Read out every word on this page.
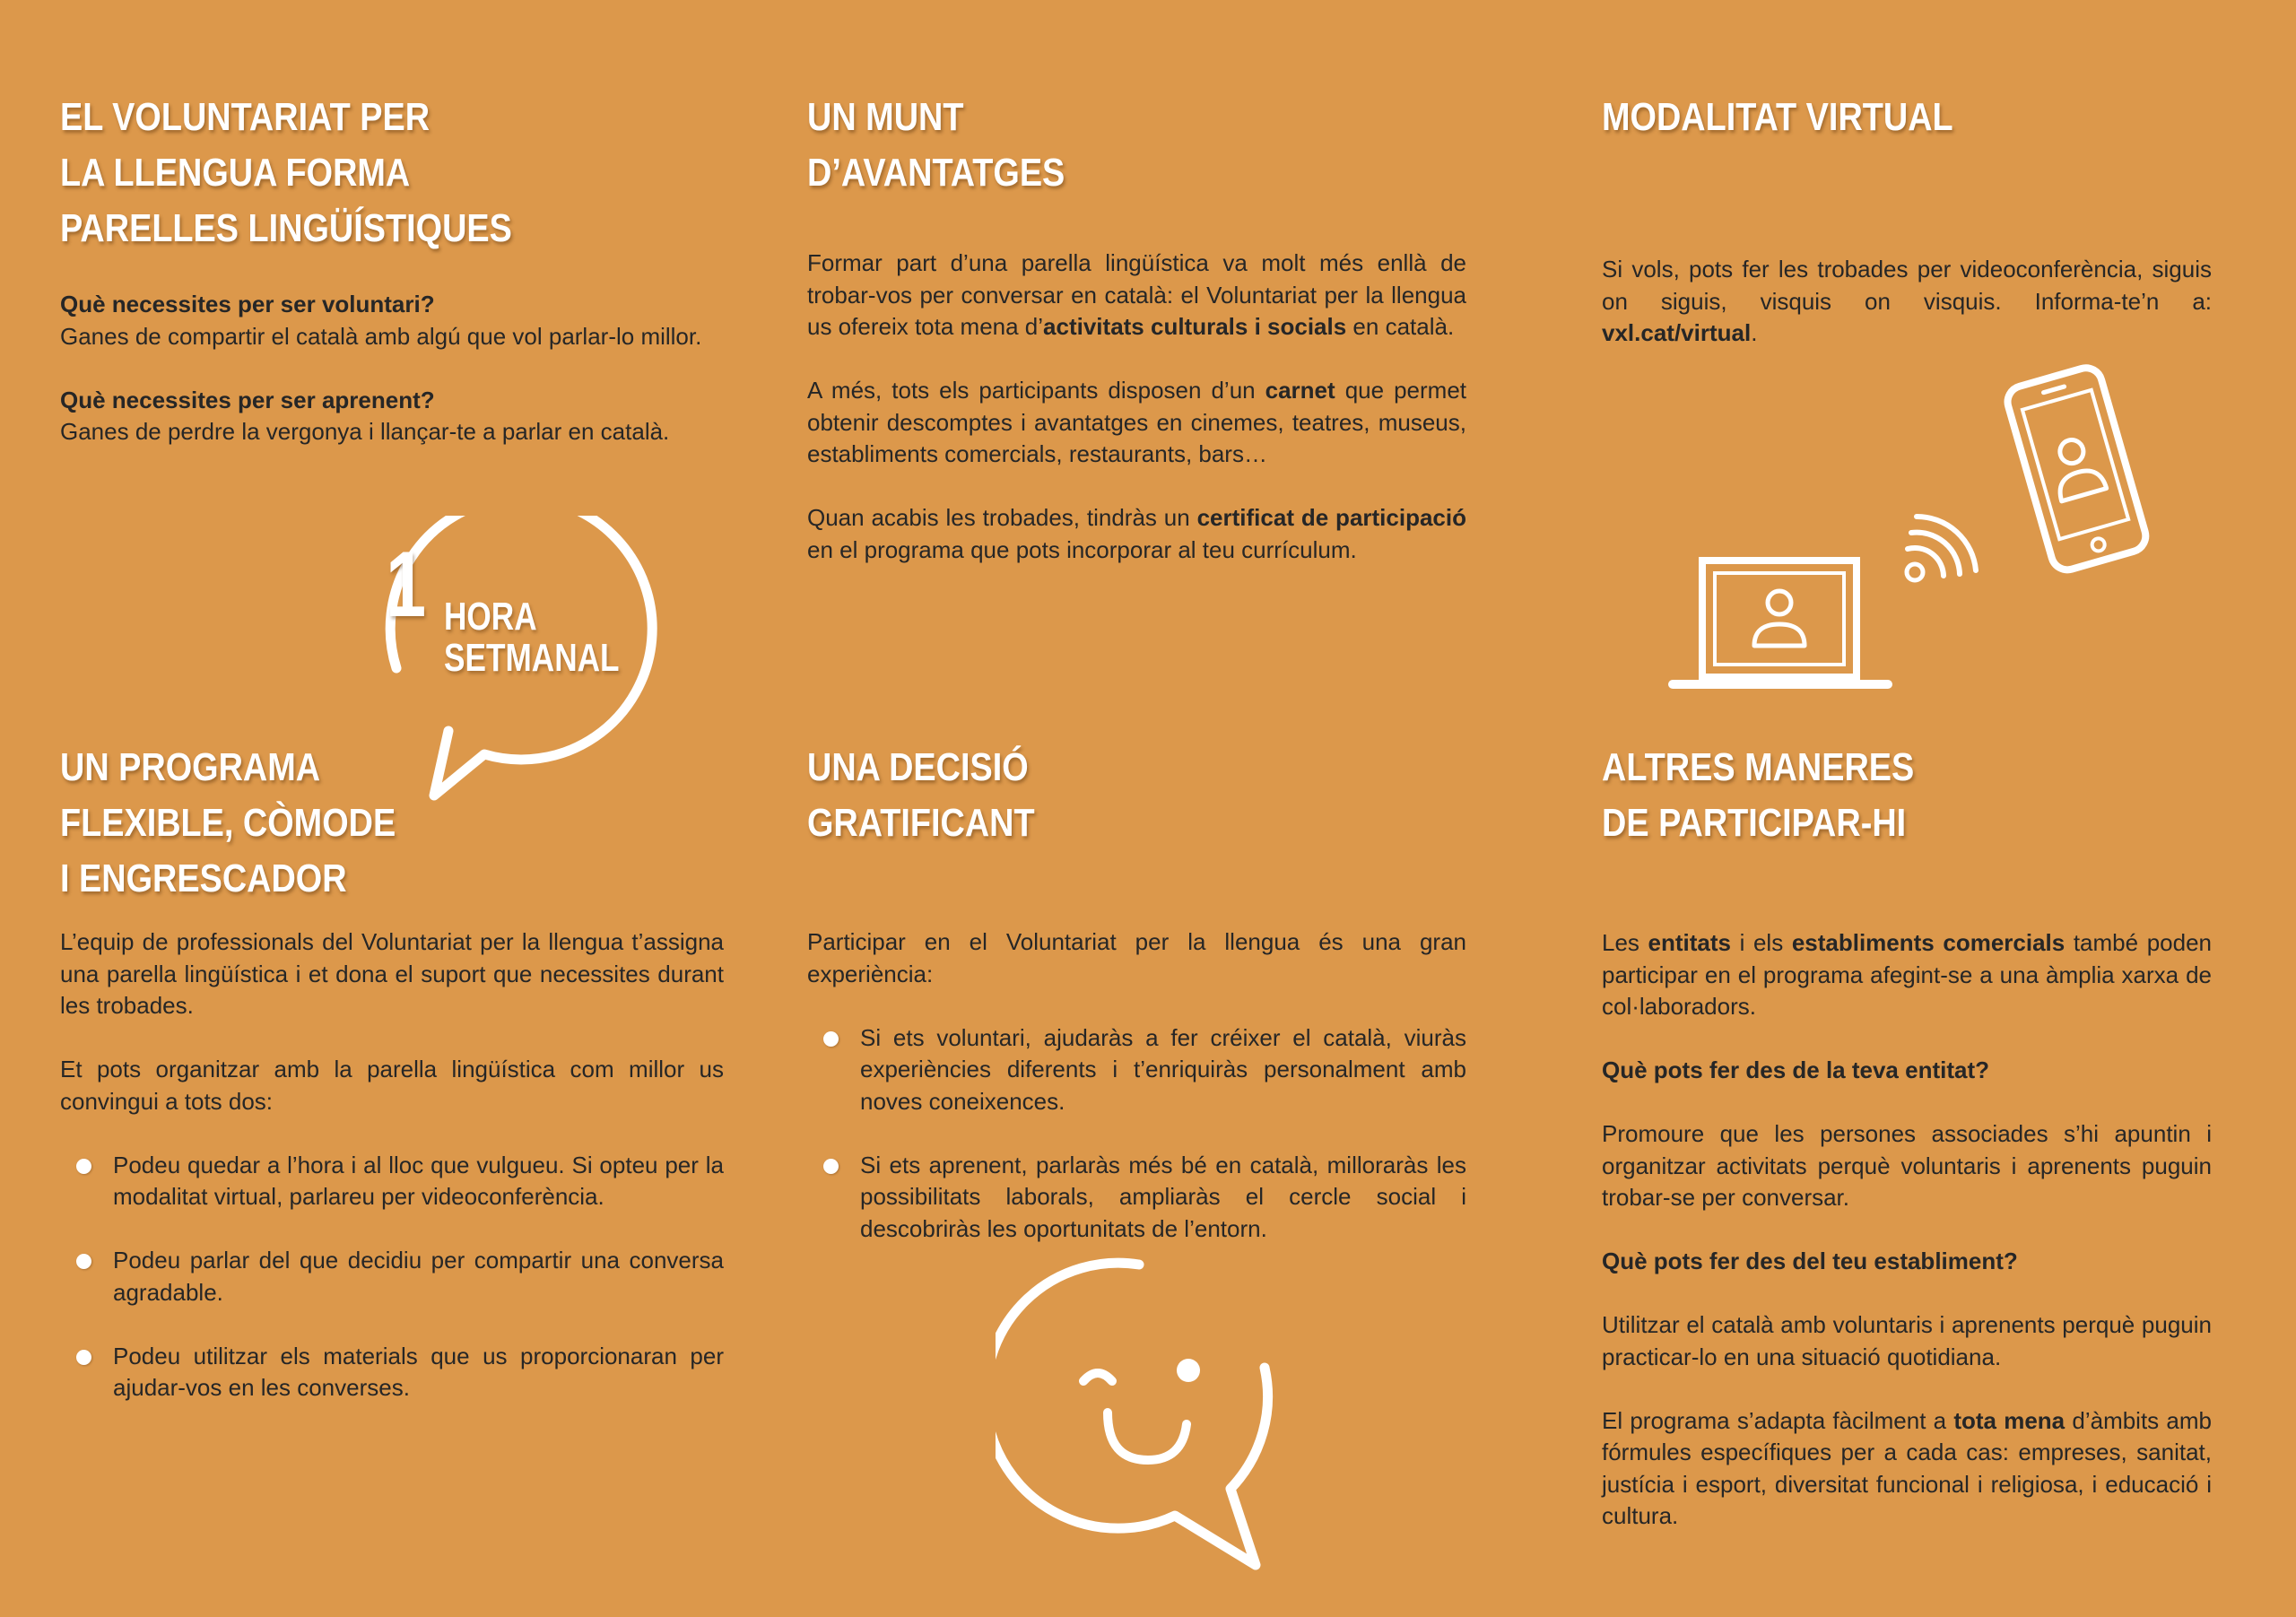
EL VOLUNTARIAT PER
LA LLENGUA FORMA
PARELLES LINGÜÍSTIQUES

Què necessites per ser voluntari?

Ganes de compartir el català amb algú que vol parlar-lo millor.

Què necessites per ser aprenent?

Ganes de perdre la vergonya i llançar-te a parlar en català.

1 HORA
SETMANAL
UN PROGRAMA
FLEXIBLE, CÒMODE
I ENGRESCADOR

L’equip de professionals del Voluntariat per la llengua t’assigna una parella lingüística i et dona el suport que necessites durant les trobades.

Et pots organitzar amb la parella lingüística com millor us convingui a tots dos:

Podeu quedar a l’hora i al lloc que vulgueu. Si opteu per la modalitat virtual, parlareu per videoconferència.
Podeu parlar del que decidiu per compartir una conversa agradable.
Podeu utilitzar els materials que us proporcionaran per ajudar-vos en les converses.
UN MUNT
D’AVANTATGES

Formar part d’una parella lingüística va molt més enllà de trobar-vos per conversar en català: el Voluntariat per la llengua us ofereix tota mena d’activitats culturals i socials en català.

A més, tots els participants disposen d’un carnet que permet obtenir descomptes i avantatges en cinemes, teatres, museus, establiments comercials, restaurants, bars…

Quan acabis les trobades, tindràs un certificat de participació en el programa que pots incorporar al teu currículum.

UNA DECISIÓ
GRATIFICANT

Participar en el Voluntariat per la llengua és una gran experiència:

Si ets voluntari, ajudaràs a fer créixer el català, viuràs experiències diferents i t’enriquiràs personalment amb noves coneixences.
Si ets aprenent, parlaràs més bé en català, milloraràs les possibilitats laborals, ampliaràs el cercle social i descobriràs les oportunitats de l’entorn.
MODALITAT VIRTUAL

Si vols, pots fer les trobades per videoconferència, siguis on siguis, visquis on visquis. Informa-te’n a: vxl.cat/virtual.

ALTRES MANERES
DE PARTICIPAR-HI

Les entitats i els establiments comercials també poden participar en el programa afegint-se a una àmplia xarxa de col·laboradors.

Què pots fer des de la teva entitat?

Promoure que les persones associades s’hi apuntin i organitzar activitats perquè voluntaris i aprenents puguin trobar-se per conversar.

Què pots fer des del teu establiment?

Utilitzar el català amb voluntaris i aprenents perquè puguin practicar-lo en una situació quotidiana.

El programa s’adapta fàcilment a tota mena d’àmbits amb fórmules específiques per a cada cas: empreses, sanitat, justícia i esport, diversitat funcional i religiosa, i educació i cultura.
